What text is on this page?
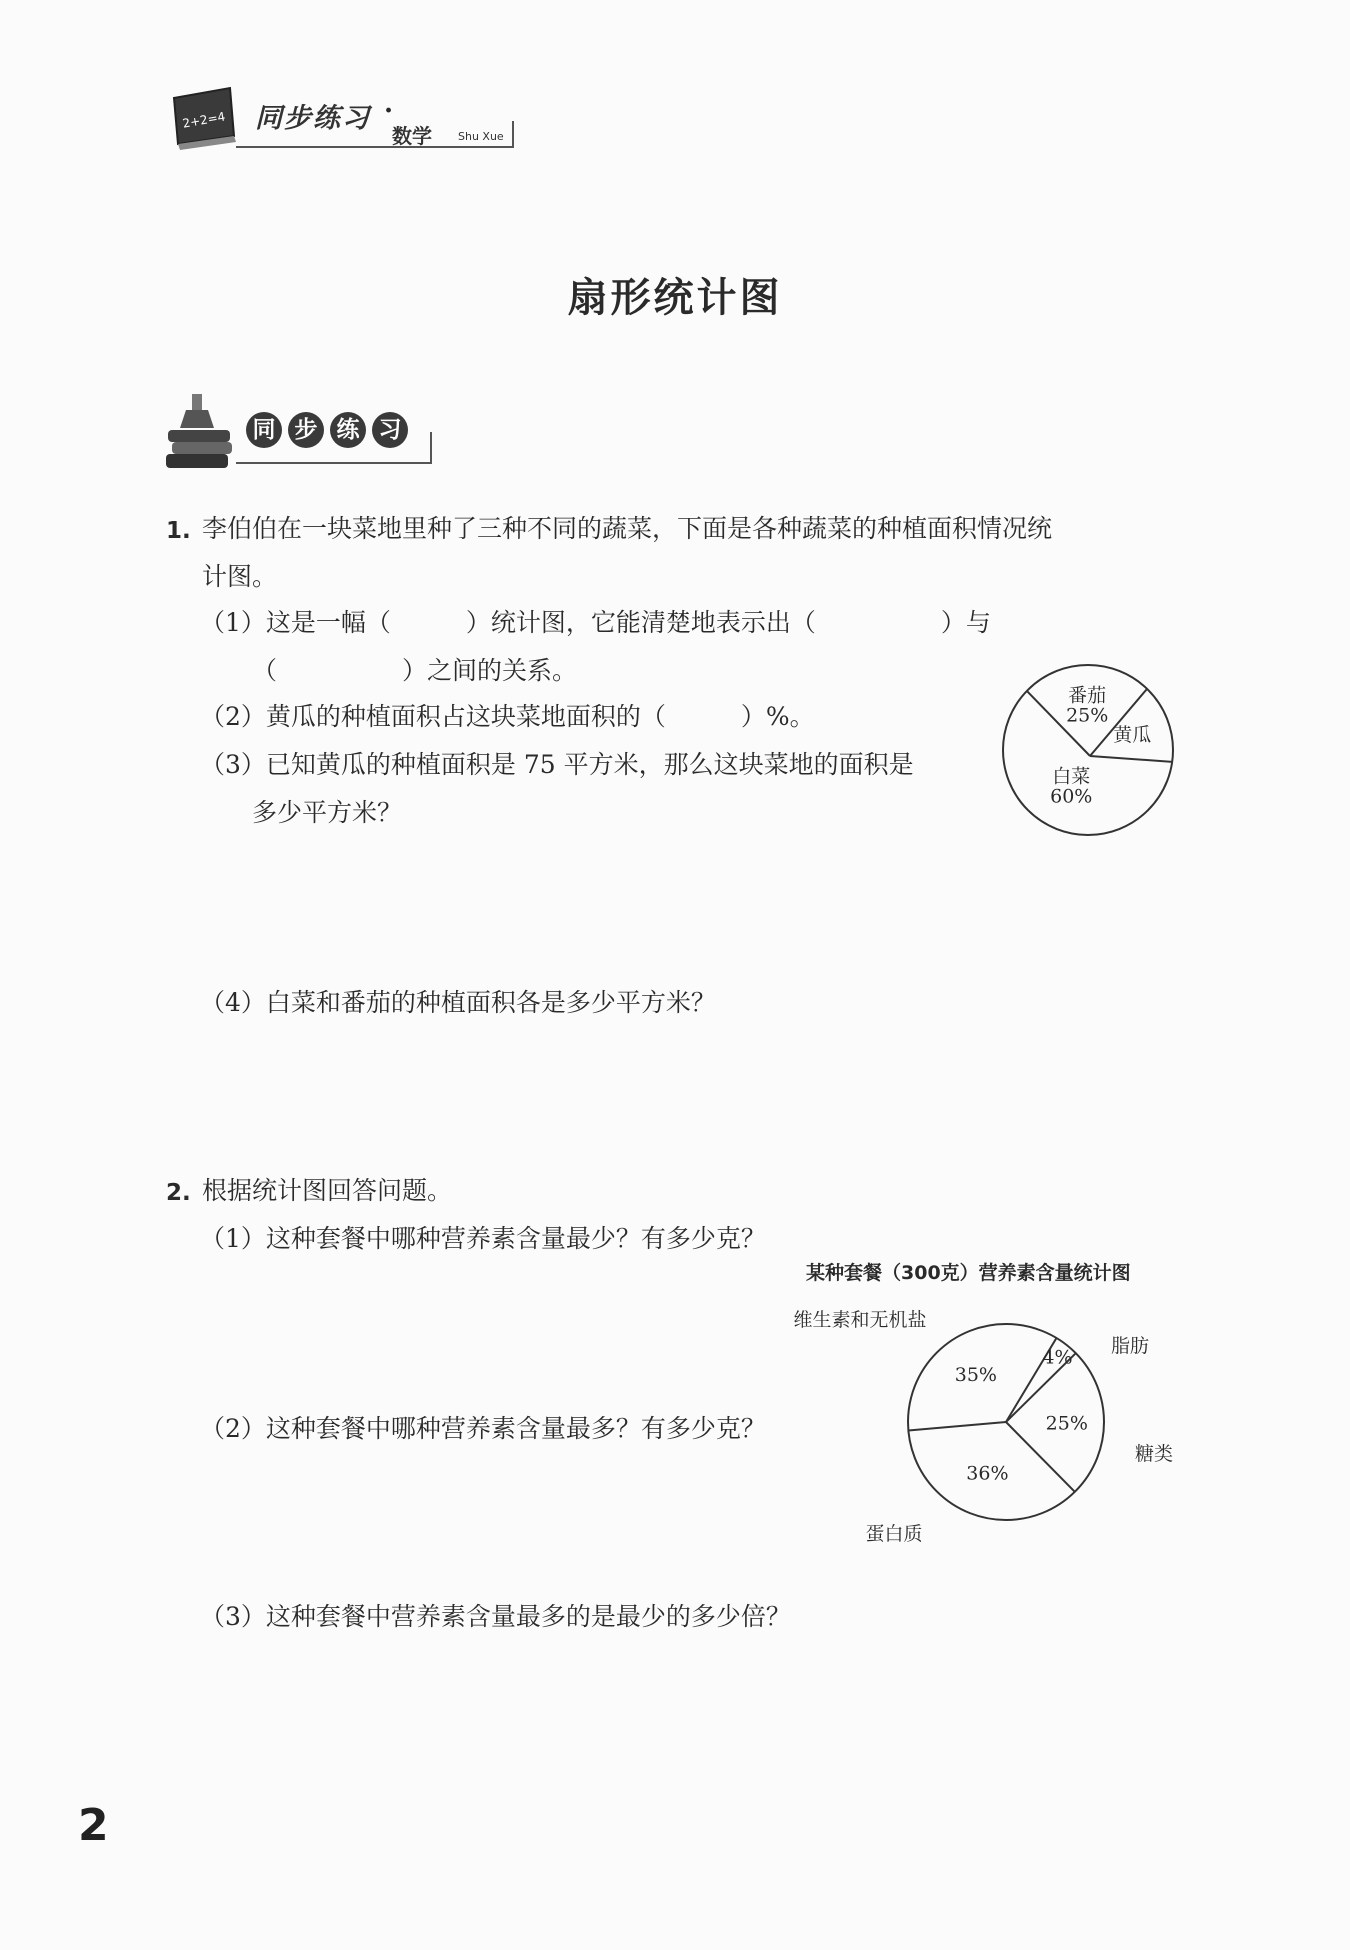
2+2=4 同步练习 ·
数学 Shu Xue
扇形统计图
同 步 练 习
1. 李伯伯在一块菜地里种了三种不同的蔬菜，下面是各种蔬菜的种植面积情况统
计图。
（1）这是一幅（　　　）统计图，它能清楚地表示出（　　　　　）与
（　　　　　）之间的关系。
（2）黄瓜的种植面积占这块菜地面积的（　　　）%。
（3）已知黄瓜的种植面积是 75 平方米，那么这块菜地的面积是
多少平方米？
（4）白菜和番茄的种植面积各是多少平方米？
白菜
60%
番茄
25%
黄瓜
2. 根据统计图回答问题。
（1）这种套餐中哪种营养素含量最少？有多少克？
某种套餐（300克）营养素含量统计图
（2）这种套餐中哪种营养素含量最多？有多少克？
（3）这种套餐中营养素含量最多的是最少的多少倍？
35%
4%
25%
36%
维生素和无机盐
脂肪
糖类
蛋白质
2
